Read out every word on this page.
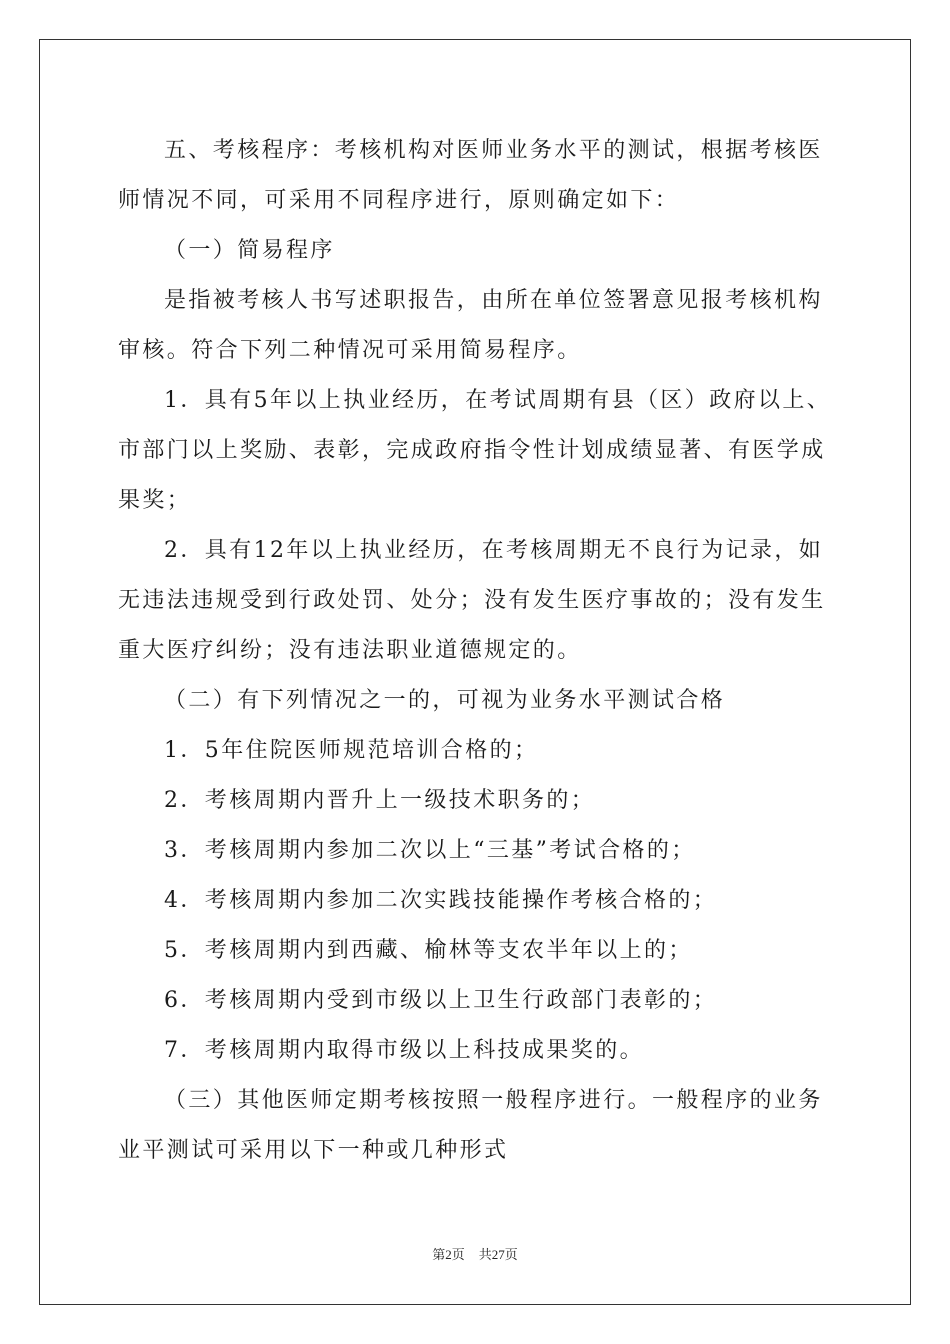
五、考核程序：考核机构对医师业务水平的测试，根据考核医师情况不同，可采用不同程序进行，原则确定如下：

（一）简易程序

是指被考核人书写述职报告，由所在单位签署意见报考核机构审核。符合下列二种情况可采用简易程序。

1．具有5年以上执业经历，在考试周期有县（区）政府以上、市部门以上奖励、表彰，完成政府指令性计划成绩显著、有医学成果奖；

2．具有12年以上执业经历，在考核周期无不良行为记录，如无违法违规受到行政处罚、处分；没有发生医疗事故的；没有发生重大医疗纠纷；没有违法职业道德规定的。

（二）有下列情况之一的，可视为业务水平测试合格

1．5年住院医师规范培训合格的；

2．考核周期内晋升上一级技术职务的；

3．考核周期内参加二次以上“三基”考试合格的；

4．考核周期内参加二次实践技能操作考核合格的；

5．考核周期内到西藏、榆林等支农半年以上的；

6．考核周期内受到市级以上卫生行政部门表彰的；

7．考核周期内取得市级以上科技成果奖的。

（三）其他医师定期考核按照一般程序进行。一般程序的业务业平测试可采用以下一种或几种形式

第2页 共27页
